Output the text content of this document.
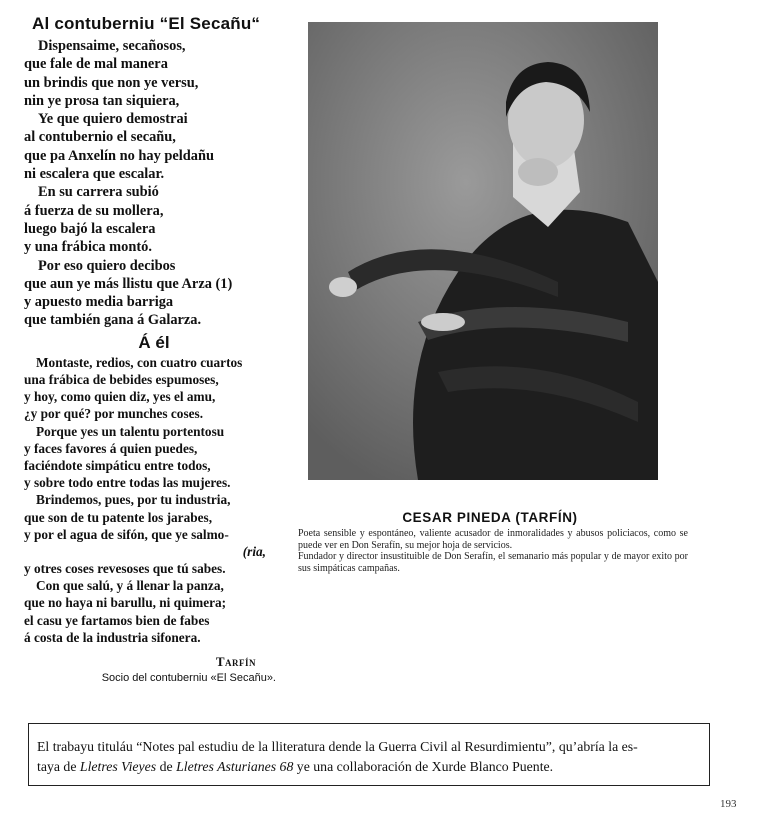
Al contuberniu “El Secañu“
Dispensaime, secañosos,
que fale de mal manera
un brindis que non ye versu,
nin ye prosa tan siquiera,
Ye que quiero demostrai
al contubernio el secañu,
que pa Anxelín no hay peldañu
ni escalera que escalar.
En su carrera subió
á fuerza de su mollera,
luego bajó la escalera
y una frábica montó.
Por eso quiero decibos
que aun ye más llistu que Arza (1)
y apuesto media barriga
que también gana á Galarza.
Á él
Montaste, redios, con cuatro cuartos
una frábica de bebides espumoses,
y hoy, como quien diz, yes el amu,
¿y por qué? por munches coses.
Porque yes un talentu portentosu
y faces favores á quien puedes,
faciéndote simpáticu entre todos,
y sobre todo entre todas las mujeres.
Brindemos, pues, por tu industria,
que son de tu patente los jarabes,
y por el agua de sifón, que ye salmo-
(ria,
y otres coses revesoses que tú sabes.
Con que salú, y á llenar la panza,
que no haya ni barullu, ni quimera;
el casu ye fartamos bien de fabes
á costa de la industria sifonera.
Tarfín
Socio del contuberniu «El Secañu».
CESAR PINEDA (TARFÍN)

Poeta sensible y espontáneo, valiente acusador de inmoralidades y abusos policiacos, como se puede ver en Don Serafín, su mejor hoja de servicios.

Fundador y director insustituible de Don Serafín, el semanario más popular y de mayor exito por sus simpáticas campañas.

El trabayu tituláu “Notes pal estudiu de la lliteratura dende la Guerra Civil al Resurdimientu”, qu’abría la es-
taya de Lletres Vieyes de Lletres Asturianes 68 ye una collaboración de Xurde Blanco Puente.
193
